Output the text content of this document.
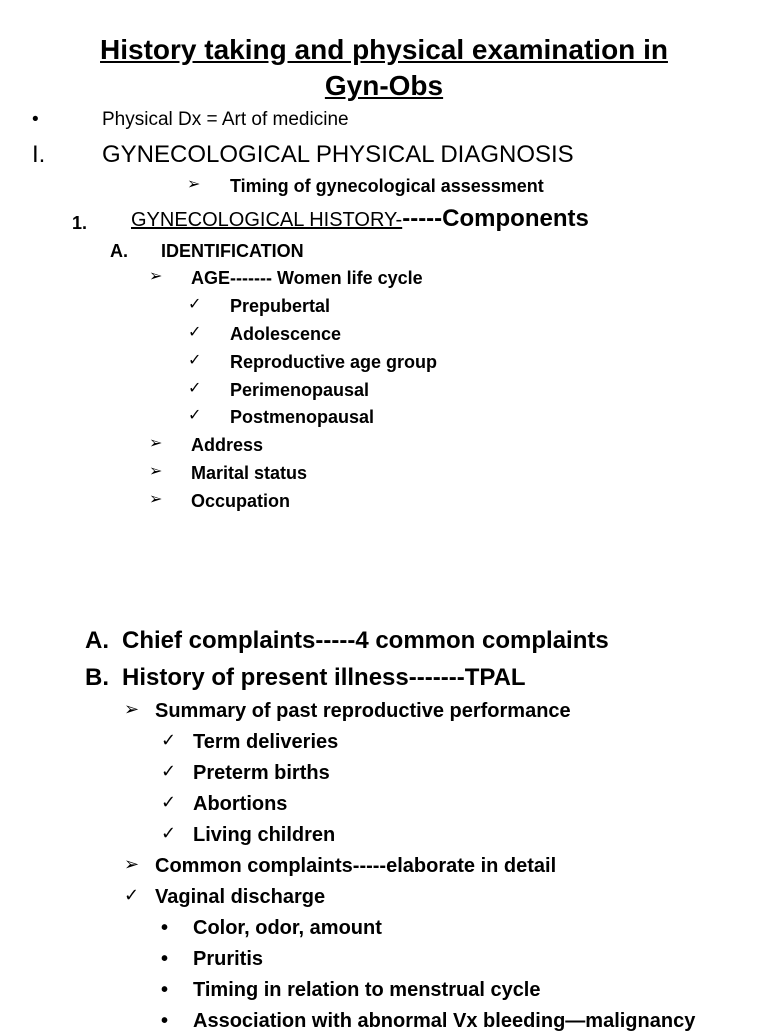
History taking and physical examination in
Gyn-Obs
•	Physical Dx = Art of medicine
I. GYNECOLOGICAL PHYSICAL DIAGNOSIS
➢ Timing of gynecological assessment
1. GYNECOLOGICAL HISTORY------Components
A. IDENTIFICATION
➢ AGE------- Women life cycle
✓ Prepubertal
✓ Adolescence
✓ Reproductive age group
✓ Perimenopausal
✓ Postmenopausal
➢ Address
➢ Marital status
➢ Occupation
A. Chief complaints-----4 common complaints
B. History of present illness-------TPAL
➢ Summary of past reproductive performance
✓ Term deliveries
✓ Preterm births
✓ Abortions
✓ Living children
➢ Common complaints-----elaborate in detail
✓ Vaginal discharge
• Color, odor, amount
• Pruritis
• Timing in relation to menstrual cycle
• Association with abnormal Vx bleeding—malignancy
